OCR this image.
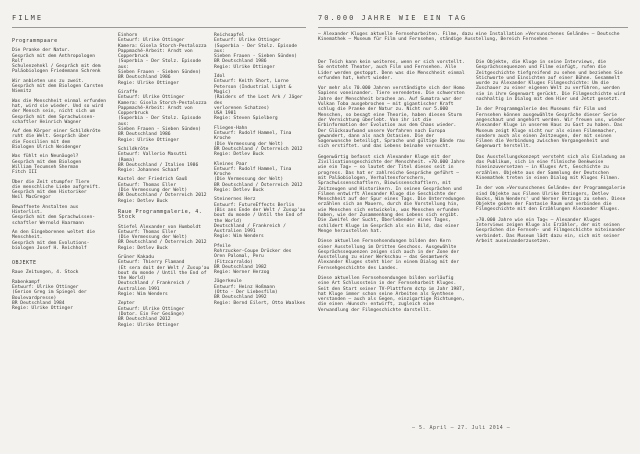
FILME	70.000 JAHRE WIE EIN TAG
Programmpaare
Die Pranke der Natur.
Gespräch mit dem Anthropologen Rolf
Schulenzehnkl / Gespräch mit dem
Paläobiologen Friedemann Schrenk
Wir anbieten uns zu zweit.
Gespräch mit dem Biologen Carsten
Niemitz
Was die Menschheit einmal erfunden
hat, wird sie wieder. Und so wird
der Mensch sein, nicht sich um
Gespräch mit dem Sprachwissen-
schaftler Heinrich Wagner
Auf dem Körper einer Schildkröte
ruht die Welt. Gespräch über
die Fossilien mit dem
Biologen Ulrich Weidenger
Was fühlt ein Neunäugel?
Gespräch mit dem Biologen
William Tecumseh Sherman
Fitch III
Über die Zeit stumpfer Tiere
die menschliche Liebe aufgreift.
Gespräch mit dem Historiker
Neil MacGregor
Bewaffnete Anstalten aus
Hinterlist.
Gespräch mit dem Sprachwissen-
schaftler Wernold Haarmann
An den Eingeborenen weltet die
Menschheit.
Gespräch mit dem Evolutions-
biologen Josef H. Reichholf
OBJEKTE
Raue Zeitungen, 4. Stock
Rabenkampf
Entwurf: Ulrike Ottinger
(Gerion Greg im Spiegel der
Boulevardpresse)
BR Deutschland 1984
Regie: Ulrike Ottinger
Einhorn
Entwurf: Ulrike Ottinger
Kamera: Gisela Storch-Pestalozza
Pappmaché-Arbeit: Arndt von
Copperbruck
(Superbia - Der Stolz. Episode aus:
Sieben Frauen - Sieben Sünden)
BR Deutschland 1986
Regie: Ulrike Ottinger
Giraffe
Entwurf: Ulrike Ottinger
Kamera: Gisela Storch-Pestalozza
Pappmaché-Arbeit: Arndt von
Copperbruck
(Superbia - Der Stolz. Episode aus:
Sieben Frauen - Sieben Sünden)
BR Deutschland 1986
Regie: Ulrike Ottinger
Schildkröte
Entwurf: Vallerio Masutti
(Roma)
BR Deutschland / Italien 1986
Regie: Johannes Schaaf
Kastel der Friedrich Gauß
Entwurf: Thomas Eller
(Die Vermessung der Welt)
BR Deutschland / Österreich 2012
Regie: Detlev Buck
Raue Programmgalerie, 4. Stock
Stiefel Alexander von Humboldt
Entwurf: Thomas Eller
(Die Vermessung der Welt)
BR Deutschland / Österreich 2012
Regie: Detlev Buck
Grüner Kakadu
Entwurf: Thierry Flamand
(Et sera doit der Welt / Zusup'au
bout du monde / Until the End of
the World)
Deutschland / Frankreich /
Australien 1991
Regie: Wim Wenders
Zepter
Entwurf: Ulrike Ottinger
(Dotor. Ein Fer Gesänge)
BR Deutschland 2012
Regie: Ulrike Ottinger
Reichsapfel
Entwurf: Ulrike Ottinger
(Superbia - Der Stolz. Episode aus:
Sieben Frauen - Sieben Sünden)
BR Deutschland 1986
Regie: Ulrike Ottinger
Idol
Entwurf: Keith Short, Lorne
Peterson (Industrial Light & Magic)
(Raiders of the Lost Ark / Jäger des
verlorenen Schatzes)
USA 1981
Regie: Steven Spielberg
Fliegen-Hahn
Entwurf: Rudolf Hammel, Tina Kroche
(Die Vermessung der Welt)
BR Deutschland / Österreich 2012
Regie: Detlev Buck
Kleines Paar
Entwurf: Rudolf Hammel, Tina Kroche
(Die Vermessung der Welt)
BR Deutschland / Österreich 2012
Regie: Detlev Buck
Steinernes Herz
Entwurf: FutureEffects Berlin
(Bis ans Ende der Welt / Zusup'au
bout du monde / Until the End of
the World)
Deutschland / Frankreich /
Australien 1991
Regie: Wim Wenders
Pfeile
Rohrzucker-Coupe Drücker des
Oren Palomal, Peru
(Fitzcarraldo)
BR Deutschland 1982
Regie: Werner Herzog
Jägerkeule
Entwurf: Heinz Hoßmann
(Otto - Der Liebesfilm)
BR Deutschland 1992
Regie: Bernd Eilert, Otto Waalkes

— Alexander Kluges aktuelle Fernseharbeiten. Filme, dazu eine Installation »Versunschenes Gelände« — Deutsche Kinemathek – Museum für Film und Fernsehen, ständige Ausstellung, Bereich Fernsehen —

Der Teich kann kein weiteres, wenn er sich vorstellt. So entsteht Theater, auch Film und Fernsehen. Alle Lider werden gestoppt. Denn was die Menschheit einmal erfunden hat, kehrt wieder.

Vor mehr als 70.000 Jahren verständigte sich der Homo Sapiens voneinander. Tiere verendeten. Die schwersten Jahre der Menschheit brachen an. Auf Sumatra war der Vulkan Toba ausgebrochen – mit gigantischer Kraft schlug die Pranke der Natur zu. Nicht nur 5.000 Menschen, so besagt eine Theorie, haben diesen Sturm der Vernichtung überlebt. Von ihr ist die Erbinformation der Evolution aus dem Chaos wieder. Der Glücksaufwand unsere Vorfahren nach Europa gewandert, dann als nach Ostasien. Die der Sagenwunsche beteiligt, Sprache und gültige Bände rau sich erstiftet. und das Lebens beinahe versucht.

Gegenwärtig befasst sich Alexander Kluge mit der Zivilisationsgeschichte der Menschheit. «70.000 Jahre wie ein Tag» – so lautet der Titel dieses seit in progress. Das hat er zahlreiche Gespräche geführt – mit Paläobiologen, Verhaltensforschern, Sprachwissenschaftlern, Biowissenschaftlern, mit Zeitzeugen und Historikern. In seinen Gesprächen und Filmen entwirft Alexander Kluge die Geschichte der Menschheit auf der Spur eines Tags. Die Unterredungen erzählen sich an Mauern, durch die Vorstellung hin, wie Menschen sich entwickeln, was Menschen erfunden haben, wie der Zusammenhang des Lebens sich ergibt. Die Zweifel der Sucht, Überlebender eines Tages, schildert Kluge im Gespräch als ein Bild, das einer Menge herzustellen hat.

Diese aktuellen Fernsehsendungen bilden den Kern einer Ausstellung im Dritten Geschoss. Ausgewählte Gesprächssequenzen zeigen sich auch in der Zone der Ausstellung zu einer Werkschau – das Gesamtwerk Alexander Kluges steht hier in einem Dialog mit der Fernsehgeschichte des Landes.

Diese aktuellen Fernsehsendungen bilden vorläufig eine Art Schlussstein in der Fernseharbeit Kluges. Seit den Start seiner TV-Plattform dctp im Jahr 1987, hat Kluge immer schon seine Arbeiten als Synthese verstanden – auch als Gegen, einzigartige Richtungen, die einen ›Wunsch‹ entwirft, zugleich eine Verwandlung der Filmgeschichte darstellt.

Die Objekte, die Kluge in seine Interviews, die Gesprächssequenzen und Filme einfügt, rufen die Zeitgeschichte tiefgreifend zu sehen und beziehen Sie Stichworte und Einsichten auf einer Bühne. Gesammelt wurde zu Alexander Kluges Filmgeschichte: Um die Zuschauer zu einer eigenen Welt zu verführen, werden sie in ihre Gegenwart gerückt. Die Filmgeschichte wird nachhaltig in Dialog mit dem Hier und Jetzt gesetzt.

In der Programmgalerie des Museums für Film und Fernsehen können ausgewählte Gespräche dieser Serie angeschaut und angehört werden. Wir freuen uns, wieder Alexander Kluge in unserem Haus zu Gast zu haben. Das Museum zeigt Kluge nicht nur als einen Filmemacher, sondern auch als einen Zeitzeugen, der mit seinen Filmen die Verbindung zwischen Vergangenheit und Gegenwart herstellt.

Das Ausstellungskonzept versteht sich als Einladung an das Publikum, sich in eine filmische Denkweise hineinzuversetzen – in Kluges Art, Geschichte zu erzählen. Objekte aus der Sammlung der Deutschen Kinemathek treten in einen Dialog mit Kluges Filmen.

In der vom »Versunschenes Gelände« der Programmgalerie sind Objekte aus Filmen Ulrike Ottingers, Detlev Bucks, Wim Wenders' und Werner Herzogs zu sehen. Diese Objekte geben der Fantasie Raum und verbinden die Filmgeschichte mit den Erzählungen Alexander Kluges.

»70.000 Jahre wie ein Tag« – Alexander Kluges Interviews zeigen Kluge als Erzähler, der mit seinen Gesprächen die Fernseh- und Filmgeschichte miteinander verbindet. Das Museum lädt dazu ein, sich mit seiner Arbeit auseinanderzusetzen.

— 5. April – 27. Juli 2014 —
